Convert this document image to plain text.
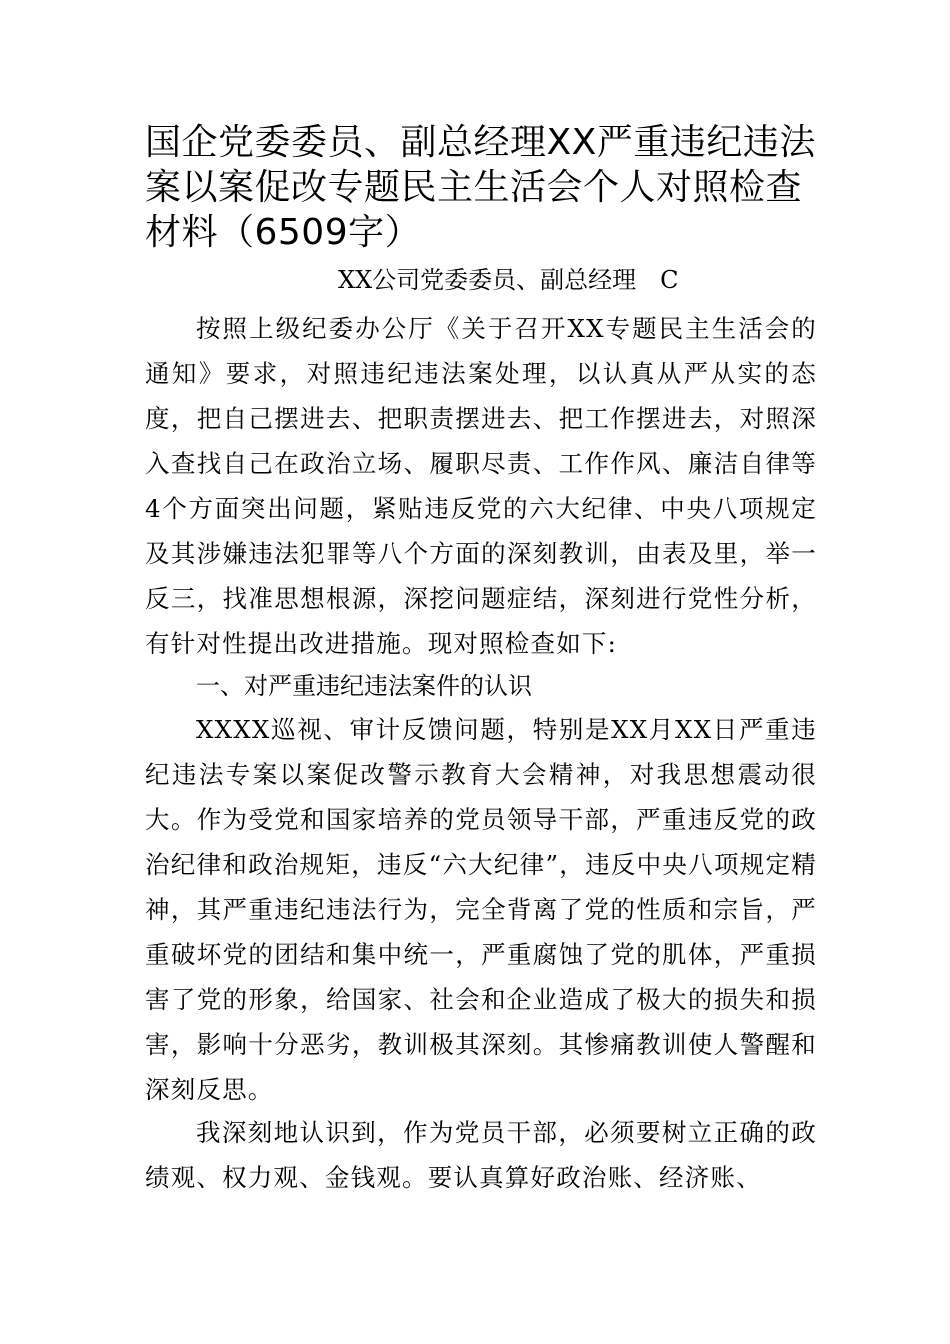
国企党委委员、副总经理XX严重违纪违法案以案促改专题民主生活会个人对照检查材料（6509字）
XX公司党委委员、副总经理　C

按照上级纪委办公厅《关于召开XX专题民主生活会的通知》要求，对照违纪违法案处理，以认真从严从实的态度，把自己摆进去、把职责摆进去、把工作摆进去，对照深入查找自己在政治立场、履职尽责、工作作风、廉洁自律等4个方面突出问题，紧贴违反党的六大纪律、中央八项规定及其涉嫌违法犯罪等八个方面的深刻教训，由表及里，举一反三，找准思想根源，深挖问题症结，深刻进行党性分析，有针对性提出改进措施。现对照检查如下:

一、对严重违纪违法案件的认识

XXXX巡视、审计反馈问题，特别是XX月XX日严重违纪违法专案以案促改警示教育大会精神，对我思想震动很大。作为受党和国家培养的党员领导干部，严重违反党的政治纪律和政治规矩，违反“六大纪律”，违反中央八项规定精神，其严重违纪违法行为，完全背离了党的性质和宗旨，严重破坏党的团结和集中统一，严重腐蚀了党的肌体，严重损害了党的形象，给国家、社会和企业造成了极大的损失和损害，影响十分恶劣，教训极其深刻。其惨痛教训使人警醒和深刻反思。

我深刻地认识到，作为党员干部，必须要树立正确的政绩观、权力观、金钱观。要认真算好政治账、经济账、
